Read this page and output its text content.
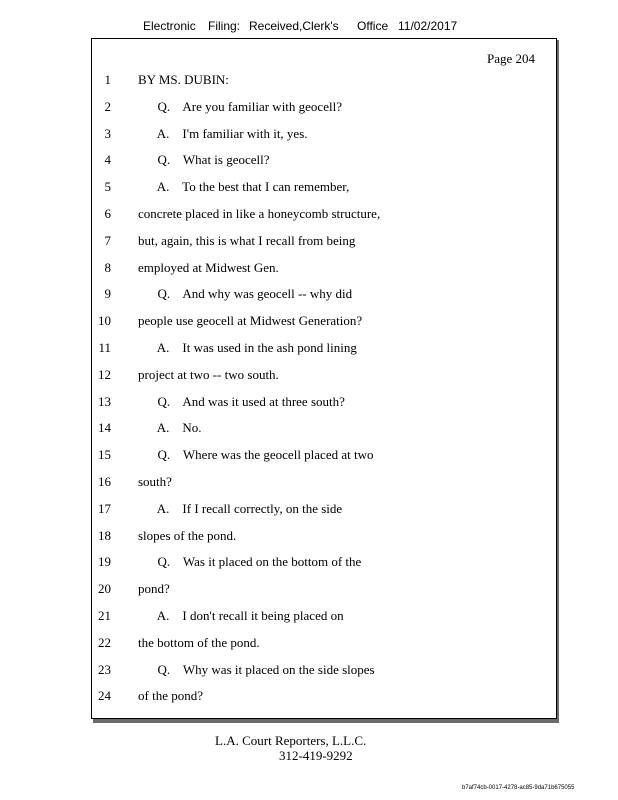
Electronic

Filing:

Received,Clerk's

Office

11/02/2017

Page 204
1 BY MS. DUBIN:
2 Q.    Are you familiar with geocell?
3 A.    I'm familiar with it, yes.
4 Q.    What is geocell?
5 A.    To the best that I can remember,
6 concrete placed in like a honeycomb structure,
7 but, again, this is what I recall from being
8 employed at Midwest Gen.
9 Q.    And why was geocell -- why did
10 people use geocell at Midwest Generation?
11 A.    It was used in the ash pond lining
12 project at two -- two south.
13 Q.    And was it used at three south?
14 A.    No.
15 Q.    Where was the geocell placed at two
16 south?
17 A.    If I recall correctly, on the side
18 slopes of the pond.
19 Q.    Was it placed on the bottom of the
20 pond?
21 A.    I don't recall it being placed on
22 the bottom of the pond.
23 Q.    Why was it placed on the side slopes
24 of the pond?
L.A. Court Reporters, L.L.C.
312-419-9292
b7af74cb-0017-4278-ac85-9da71b675055
